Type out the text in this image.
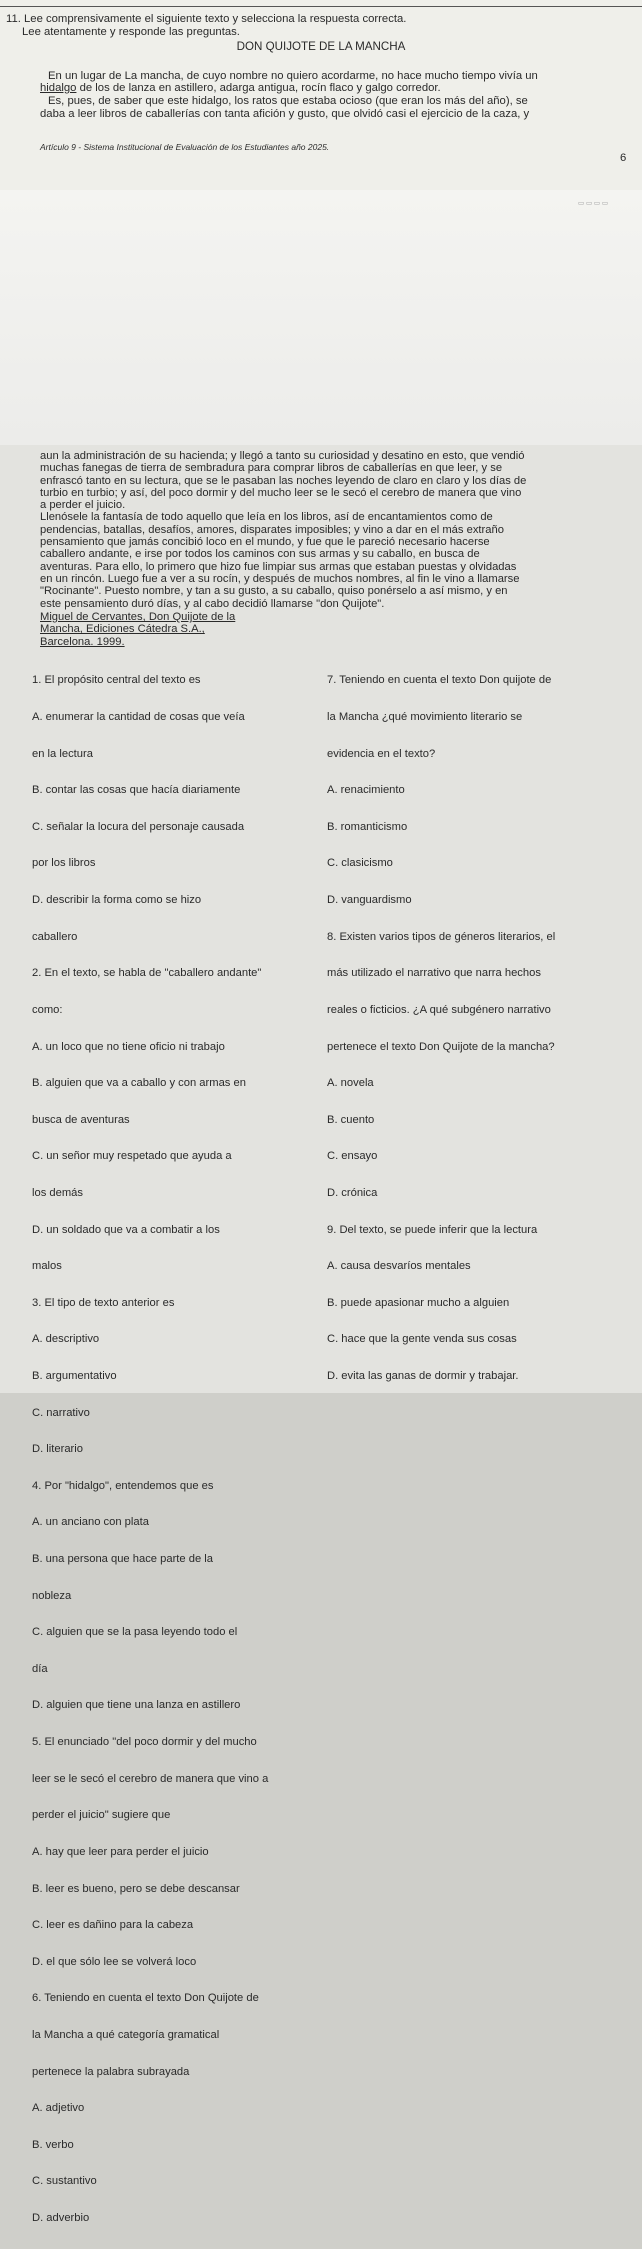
11. Lee comprensivamente el siguiente texto y selecciona la respuesta correcta.
Lee atentamente y responde las preguntas.
DON QUIJOTE DE LA MANCHA
En un lugar de La mancha, de cuyo nombre no quiero acordarme, no hace mucho tiempo vivía un
hidalgo de los de lanza en astillero, adarga antigua, rocín flaco y galgo corredor.
Es, pues, de saber que este hidalgo, los ratos que estaba ocioso (que eran los más del año), se
daba a leer libros de caballerías con tanta afición y gusto, que olvidó casi el ejercicio de la caza, y
Artículo 9 - Sistema Institucional de Evaluación de los Estudiantes año 2025.
6
▭ ▭ ▭ ▭
aun la administración de su hacienda; y llegó a tanto su curiosidad y desatino en esto, que vendió
muchas fanegas de tierra de sembradura para comprar libros de caballerías en que leer, y se
enfrascó tanto en su lectura, que se le pasaban las noches leyendo de claro en claro y los días de
turbio en turbio; y así, del poco dormir y del mucho leer se le secó el cerebro de manera que vino
a perder el juicio.
Llenósele la fantasía de todo aquello que leía en los libros, así de encantamientos como de
pendencias, batallas, desafíos, amores, disparates imposibles; y vino a dar en el más extraño
pensamiento que jamás concibió loco en el mundo, y fue que le pareció necesario hacerse
caballero andante, e irse por todos los caminos con sus armas y su caballo, en busca de
aventuras. Para ello, lo primero que hizo fue limpiar sus armas que estaban puestas y olvidadas
en un rincón. Luego fue a ver a su rocín, y después de muchos nombres, al fin le vino a llamarse
"Rocinante". Puesto nombre, y tan a su gusto, a su caballo, quiso ponérselo a así mismo, y en
este pensamiento duró días, y al cabo decidió llamarse "don Quijote".
Miguel de Cervantes, Don Quijote de la
Mancha, Ediciones Cátedra S.A.,
Barcelona. 1999.

1. El propósito central del texto es

A. enumerar la cantidad de cosas que veía

en la lectura

B. contar las cosas que hacía diariamente

C. señalar la locura del personaje causada

por los libros

D. describir la forma como se hizo

caballero

2. En el texto, se habla de "caballero andante"

como:

A. un loco que no tiene oficio ni trabajo

B. alguien que va a caballo y con armas en

busca de aventuras

C. un señor muy respetado que ayuda a

los demás

D. un soldado que va a combatir a los

malos

3. El tipo de texto anterior es

A. descriptivo

B. argumentativo

C. narrativo

D. literario

4. Por "hidalgo", entendemos que es

A. un anciano con plata

B. una persona que hace parte de la

nobleza

C. alguien que se la pasa leyendo todo el

día

D. alguien que tiene una lanza en astillero

5. El enunciado "del poco dormir y del mucho

leer se le secó el cerebro de manera que vino a

perder el juicio" sugiere que

A. hay que leer para perder el juicio

B. leer es bueno, pero se debe descansar

C. leer es dañino para la cabeza

D. el que sólo lee se volverá loco

6. Teniendo en cuenta el texto Don Quijote de

la Mancha a qué categoría gramatical

pertenece la palabra subrayada

A. adjetivo

B. verbo

C. sustantivo

D. adverbio

7. Teniendo en cuenta el texto Don quijote de

la Mancha ¿qué movimiento literario se

evidencia en el texto?

A. renacimiento

B. romanticismo

C. clasicismo

D. vanguardismo

8. Existen varios tipos de géneros literarios, el

más utilizado el narrativo que narra hechos

reales o ficticios. ¿A qué subgénero narrativo

pertenece el texto Don Quijote de la mancha?

A. novela

B. cuento

C. ensayo

D. crónica

9. Del texto, se puede inferir que la lectura

A. causa desvaríos mentales

B. puede apasionar mucho a alguien

C. hace que la gente venda sus cosas

D. evita las ganas de dormir y trabajar.
